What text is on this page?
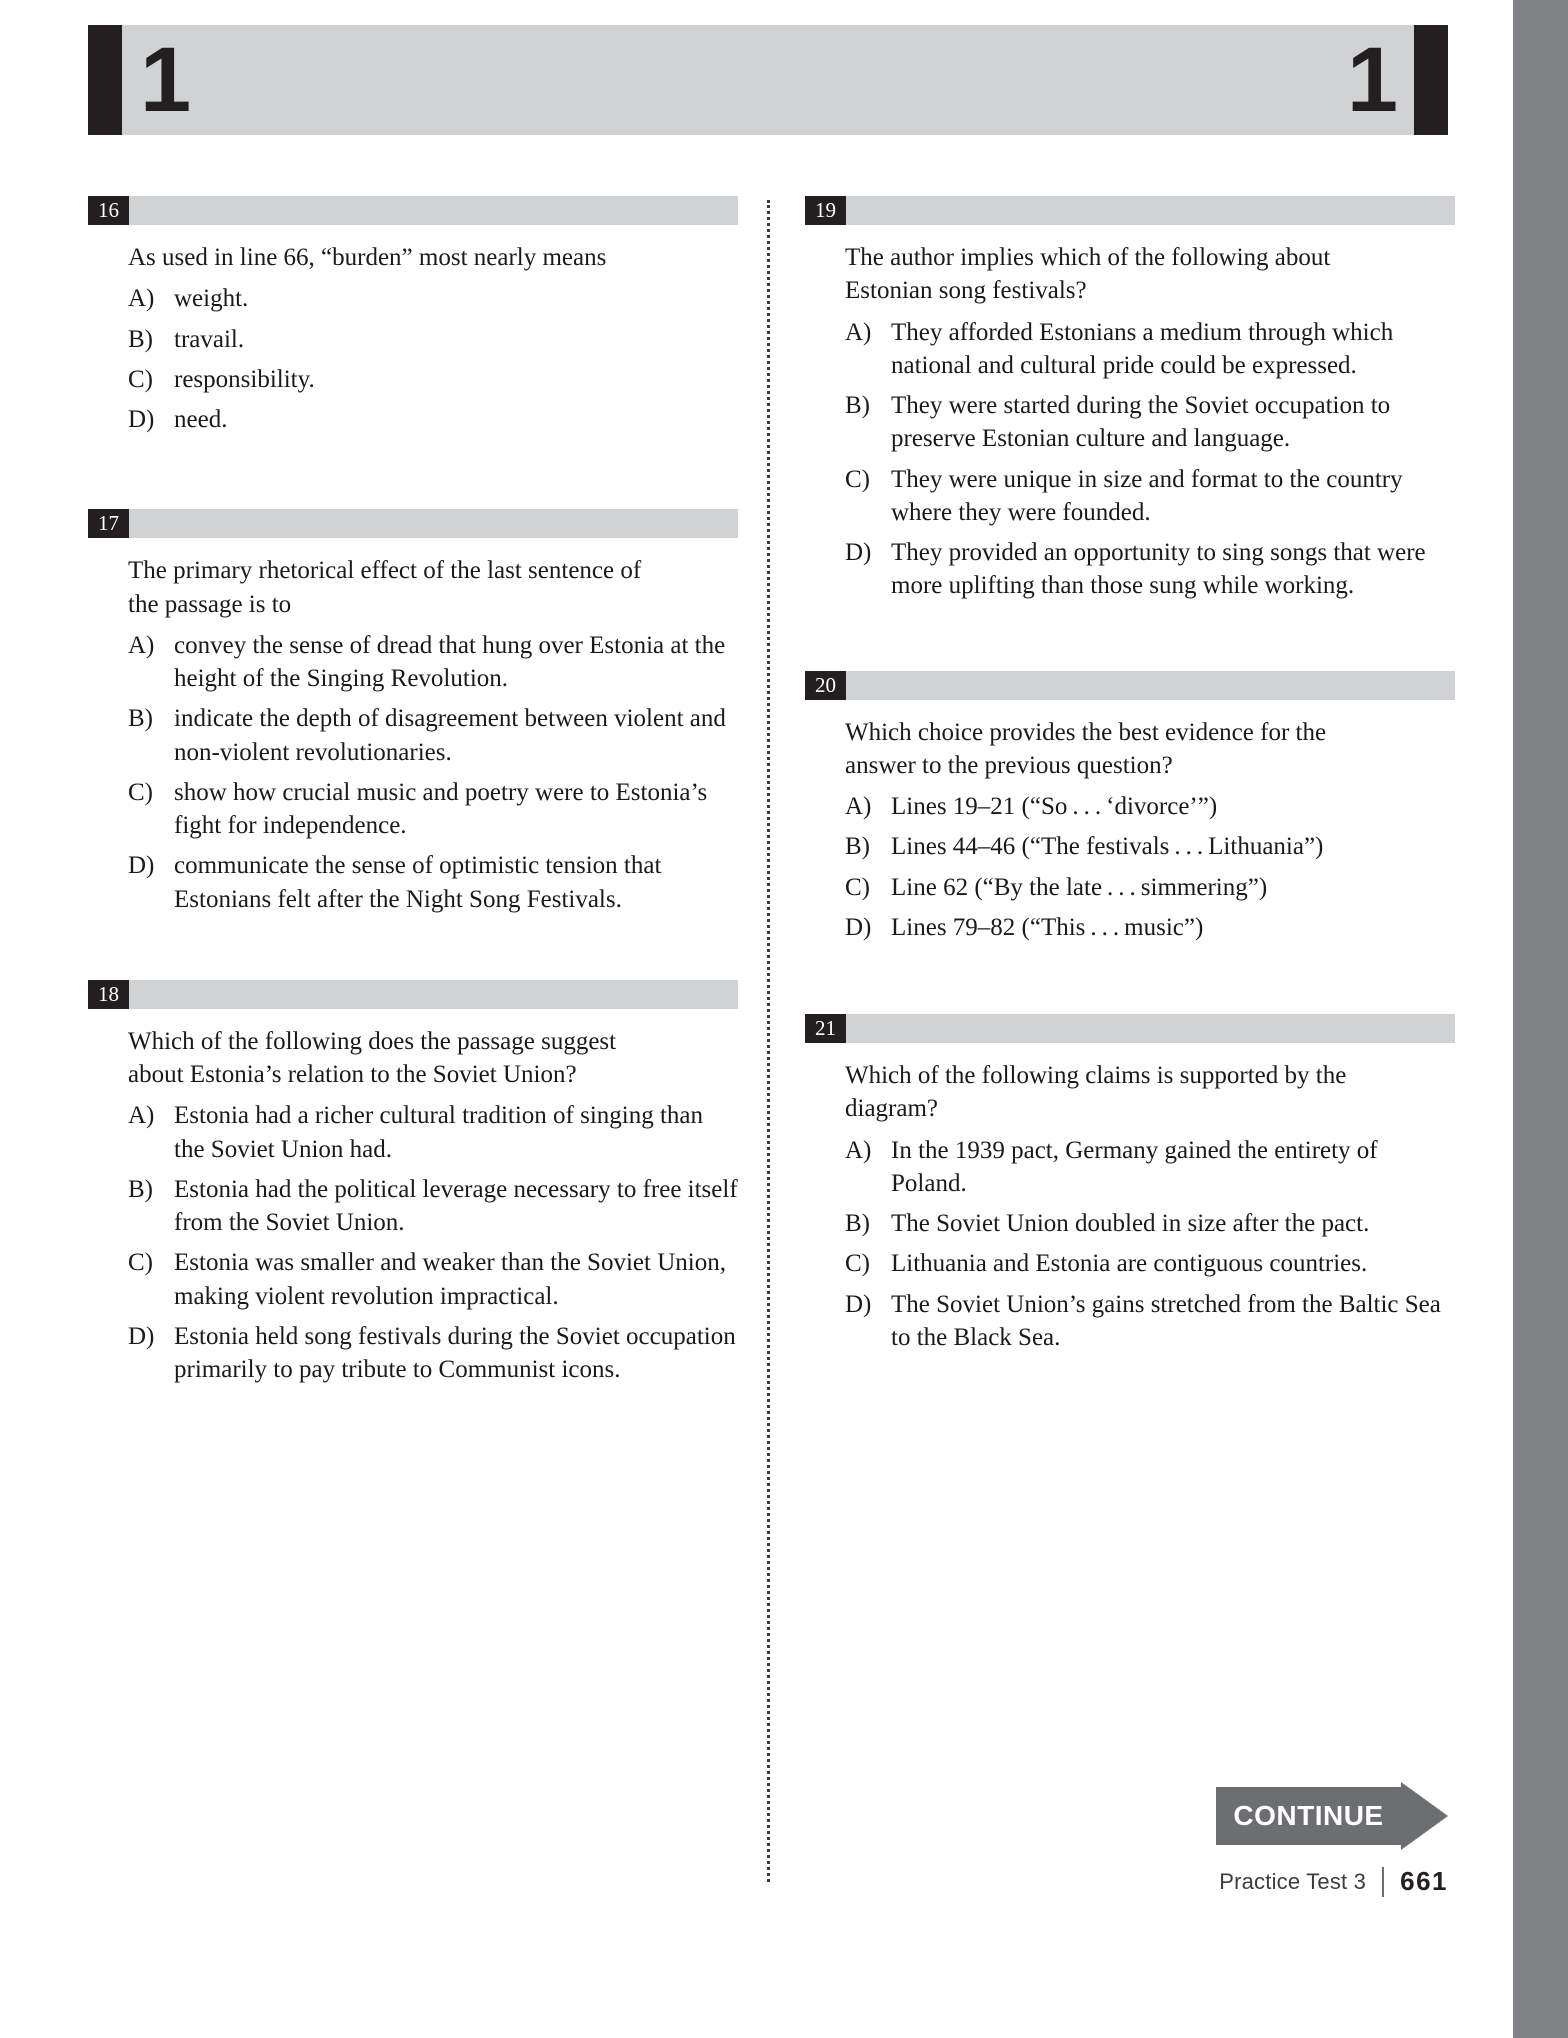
1	1
16

As used in line 66, “burden” most nearly means

A) weight.
B) travail.
C) responsibility.
D) need.
17

The primary rhetorical effect of the last sentence of the passage is to

A) convey the sense of dread that hung over Estonia at the height of the Singing Revolution.
B) indicate the depth of disagreement between violent and non-violent revolutionaries.
C) show how crucial music and poetry were to Estonia’s fight for independence.
D) communicate the sense of optimistic tension that Estonians felt after the Night Song Festivals.
18

Which of the following does the passage suggest about Estonia’s relation to the Soviet Union?

A) Estonia had a richer cultural tradition of singing than the Soviet Union had.
B) Estonia had the political leverage necessary to free itself from the Soviet Union.
C) Estonia was smaller and weaker than the Soviet Union, making violent revolution impractical.
D) Estonia held song festivals during the Soviet occupation primarily to pay tribute to Communist icons.
19

The author implies which of the following about Estonian song festivals?

A) They afforded Estonians a medium through which national and cultural pride could be expressed.
B) They were started during the Soviet occupation to preserve Estonian culture and language.
C) They were unique in size and format to the country where they were founded.
D) They provided an opportunity to sing songs that were more uplifting than those sung while working.
20

Which choice provides the best evidence for the answer to the previous question?

A) Lines 19–21 (“So . . . ‘divorce’”)
B) Lines 44–46 (“The festivals . . . Lithuania”)
C) Line 62 (“By the late . . . simmering”)
D) Lines 79–82 (“This . . . music”)
21

Which of the following claims is supported by the diagram?

A) In the 1939 pact, Germany gained the entirety of Poland.
B) The Soviet Union doubled in size after the pact.
C) Lithuania and Estonia are contiguous countries.
D) The Soviet Union’s gains stretched from the Baltic Sea to the Black Sea.
CONTINUE
Practice Test 3 661
